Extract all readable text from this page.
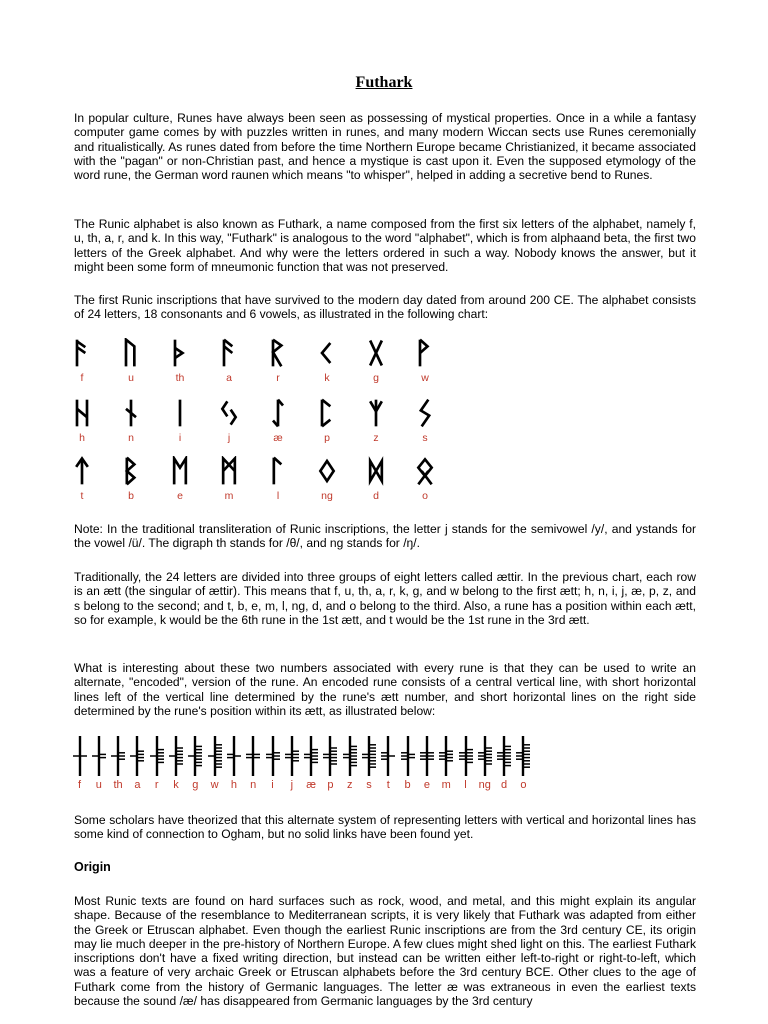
Futhark

In popular culture, Runes have always been seen as possessing of mystical properties. Once in a while a fantasy computer game comes by with puzzles written in runes, and many modern Wiccan sects use Runes ceremonially and ritualistically. As runes dated from before the time Northern Europe became Christianized, it became associated with the "pagan" or non-Christian past, and hence a mystique is cast upon it. Even the supposed etymology of the word rune, the German word raunen which means "to whisper", helped in adding a secretive bend to Runes.

The Runic alphabet is also known as Futhark, a name composed from the first six letters of the alphabet, namely f, u, th, a, r, and k. In this way, "Futhark" is analogous to the word "alphabet", which is from alphaand beta, the first two letters of the Greek alphabet. And why were the letters ordered in such a way. Nobody knows the answer, but it might been some form of mneumonic function that was not preserved.

The first Runic inscriptions that have survived to the modern day dated from around 200 CE. The alphabet consists of 24 letters, 18 consonants and 6 vowels, as illustrated in the following chart:

f	u	th	a	r	k	g	w
h	n	i	j	æ	p	z	s
t	b	e	m	l	ng	d	o

Note: In the traditional transliteration of Runic inscriptions, the letter j stands for the semivowel /y/, and ystands for the vowel /ü/. The digraph th stands for /θ/, and ng stands for /ŋ/.

Traditionally, the 24 letters are divided into three groups of eight letters called ættir. In the previous chart, each row is an ætt (the singular of ættir). This means that f, u, th, a, r, k, g, and w belong to the first ætt; h, n, i, j, æ, p, z, and s belong to the second; and t, b, e, m, l, ng, d, and o belong to the third. Also, a rune has a position within each ætt, so for example, k would be the 6th rune in the 1st ætt, and t would be the 1st rune in the 3rd ætt.

What is interesting about these two numbers associated with every rune is that they can be used to write an alternate, "encoded", version of the rune. An encoded rune consists of a central vertical line, with short horizontal lines left of the vertical line determined by the rune's ætt number, and short horizontal lines on the right side determined by the rune's position within its ætt, as illustrated below:

f	u	th	a	r	k	g	w	h	n	i	j	æ	p	z	s	t	b	e	m	l	ng d	o

Some scholars have theorized that this alternate system of representing letters with vertical and horizontal lines has some kind of connection to Ogham, but no solid links have been found yet.

Origin

Most Runic texts are found on hard surfaces such as rock, wood, and metal, and this might explain its angular shape. Because of the resemblance to Mediterranean scripts, it is very likely that Futhark was adapted from either the Greek or Etruscan alphabet. Even though the earliest Runic inscriptions are from the 3rd century CE, its origin may lie much deeper in the pre-history of Northern Europe. A few clues might shed light on this. The earliest Futhark inscriptions don't have a fixed writing direction, but instead can be written either left-to-right or right-to-left, which was a feature of very archaic Greek or Etruscan alphabets before the 3rd century BCE. Other clues to the age of Futhark come from the history of Germanic languages. The letter æ was extraneous in even the earliest texts because the sound /æ/ has disappeared from Germanic languages by the 3rd century
